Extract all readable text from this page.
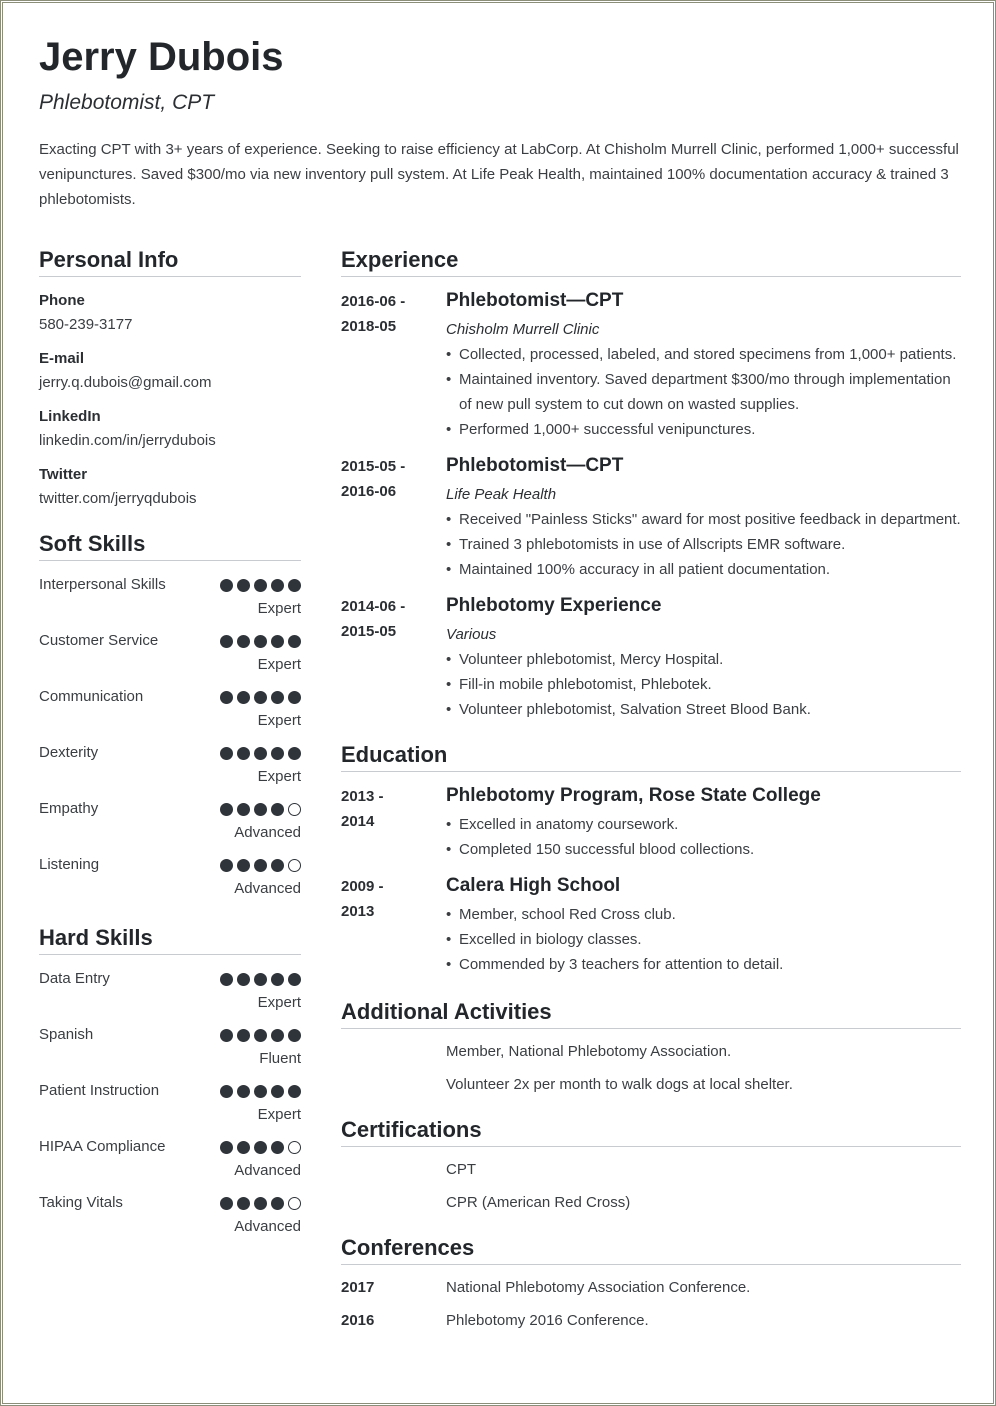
Jerry Dubois
Phlebotomist, CPT

Exacting CPT with 3+ years of experience. Seeking to raise efficiency at LabCorp. At Chisholm Murrell Clinic, performed 1,000+ successful venipunctures. Saved $300/mo via new inventory pull system. At Life Peak Health, maintained 100% documentation accuracy & trained 3 phlebotomists.

Personal Info
Phone
580-239-3177
E-mail
jerry.q.dubois@gmail.com
LinkedIn
linkedin.com/in/jerrydubois
Twitter
twitter.com/jerryqdubois
Soft Skills
Interpersonal Skills
Expert
Customer Service
Expert
Communication
Expert
Dexterity
Expert
Empathy
Advanced
Listening
Advanced
Hard Skills
Data Entry
Expert
Spanish
Fluent
Patient Instruction
Expert
HIPAA Compliance
Advanced
Taking Vitals
Advanced
Experience
2016-06 -
2018-05
Phlebotomist—CPT
Chisholm Murrell Clinic
• Collected, processed, labeled, and stored specimens from 1,000+ patients.
• Maintained inventory. Saved department $300/mo through implementation of new pull system to cut down on wasted supplies.
• Performed 1,000+ successful venipunctures.
2015-05 -
2016-06
Phlebotomist—CPT
Life Peak Health
• Received "Painless Sticks" award for most positive feedback in department.
• Trained 3 phlebotomists in use of Allscripts EMR software.
• Maintained 100% accuracy in all patient documentation.
2014-06 -
2015-05
Phlebotomy Experience
Various
• Volunteer phlebotomist, Mercy Hospital.
• Fill-in mobile phlebotomist, Phlebotek.
• Volunteer phlebotomist, Salvation Street Blood Bank.
Education
2013 -
2014
Phlebotomy Program, Rose State College
• Excelled in anatomy coursework.
• Completed 150 successful blood collections.
2009 -
2013
Calera High School
• Member, school Red Cross club.
• Excelled in biology classes.
• Commended by 3 teachers for attention to detail.
Additional Activities
Member, National Phlebotomy Association.
Volunteer 2x per month to walk dogs at local shelter.
Certifications
CPT
CPR (American Red Cross)
Conferences
2017	National Phlebotomy Association Conference.
2016	Phlebotomy 2016 Conference.
